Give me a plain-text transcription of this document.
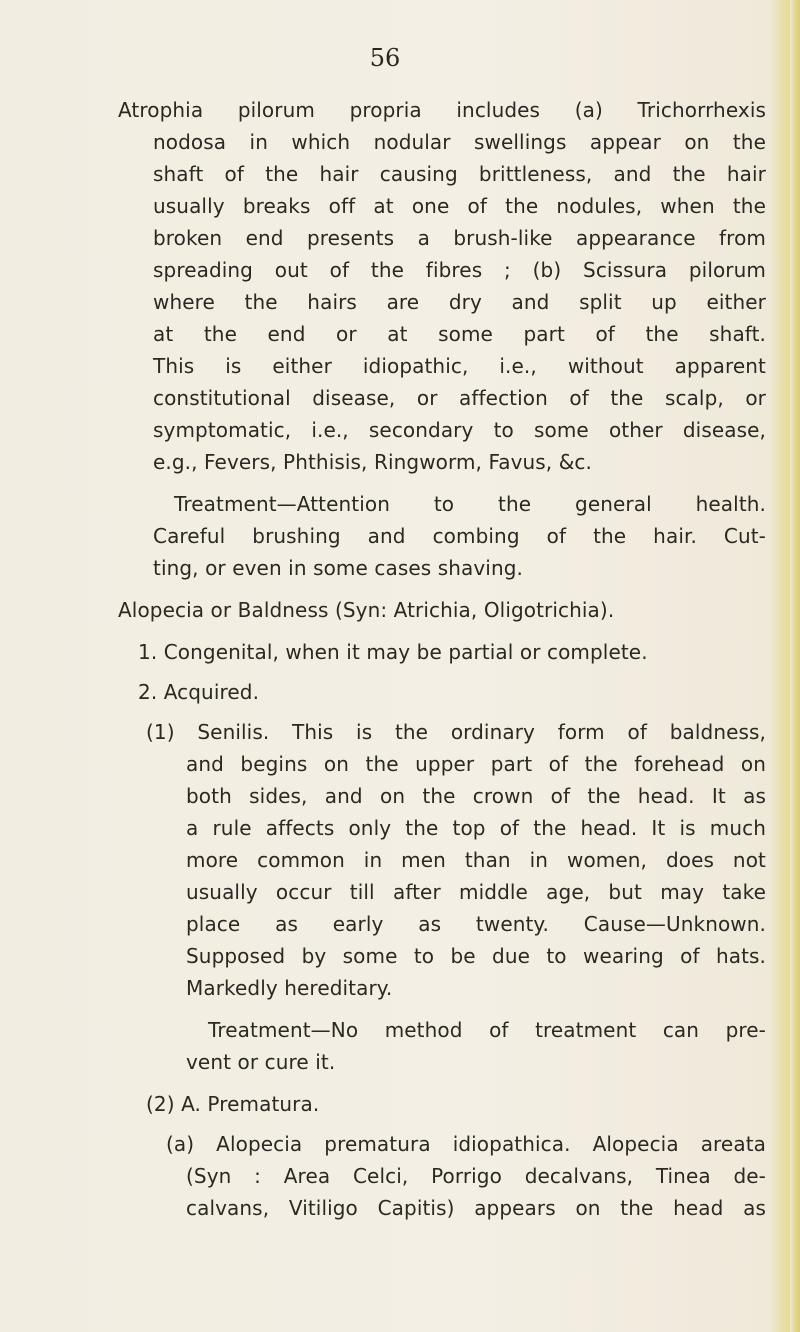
56
Atrophia pilorum propria includes (a) Trichorrhexis
nodosa in which nodular swellings appear on the
shaft of the hair causing brittleness, and the hair
usually breaks off at one of the nodules, when the
broken end presents a brush-like appearance from
spreading out of the fibres ; (b) Scissura pilorum
where the hairs are dry and split up either
at the end or at some part of the shaft.
This is either idiopathic, i.e., without apparent
constitutional disease, or affection of the scalp, or
symptomatic, i.e., secondary to some other disease,
e.g., Fevers, Phthisis, Ringworm, Favus, &c.
Treatment—Attention to the general health.
Careful brushing and combing of the hair. Cut-
ting, or even in some cases shaving.
Alopecia or Baldness (Syn: Atrichia, Oligotrichia).
1. Congenital, when it may be partial or complete.
2. Acquired.
(1) Senilis. This is the ordinary form of baldness,
and begins on the upper part of the forehead on
both sides, and on the crown of the head. It as
a rule affects only the top of the head. It is much
more common in men than in women, does not
usually occur till after middle age, but may take
place as early as twenty. Cause—Unknown.
Supposed by some to be due to wearing of hats.
Markedly hereditary.
Treatment—No method of treatment can pre-
vent or cure it.
(2) A. Prematura.
(a) Alopecia prematura idiopathica. Alopecia areata
(Syn : Area Celci, Porrigo decalvans, Tinea de-
calvans, Vitiligo Capitis) appears on the head as
